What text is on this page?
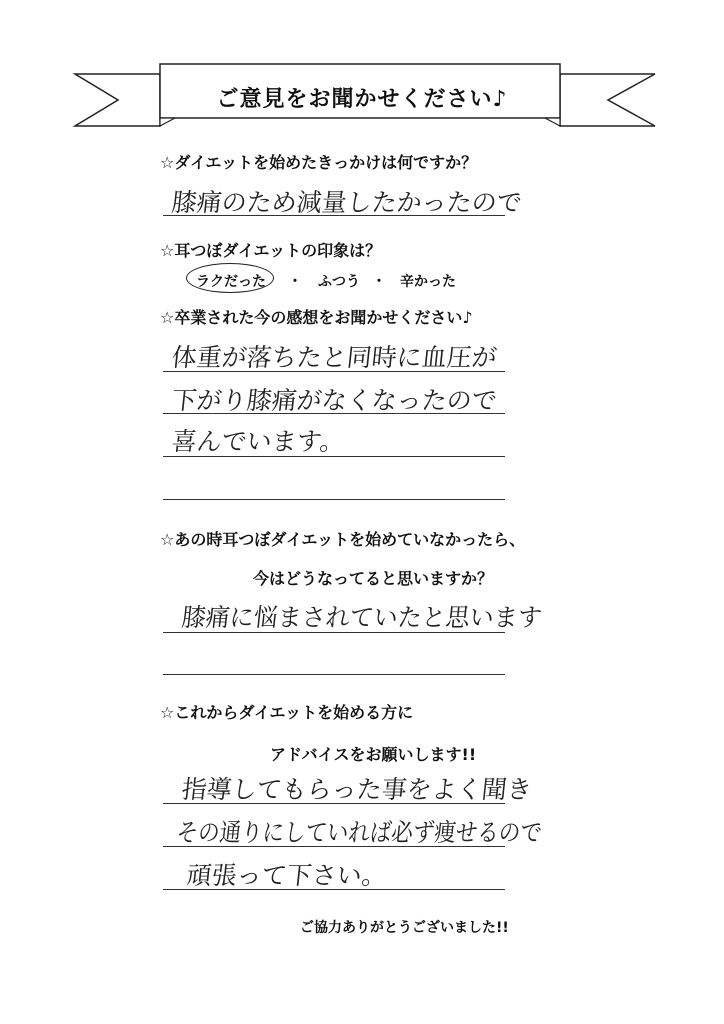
ご意見をお聞かせください♪
☆ダイエットを始めたきっかけは何ですか？
膝痛のため減量したかったので
☆耳つぼダイエットの印象は？
ラクだった ・ ふつう ・ 辛かった
☆卒業された今の感想をお聞かせください♪
体重が落ちたと同時に血圧が
下がり膝痛がなくなったので
喜んでいます。
☆あの時耳つぼダイエットを始めていなかったら、
今はどうなってると思いますか？
膝痛に悩まされていたと思います
☆これからダイエットを始める方に
アドバイスをお願いします!!
指導してもらった事をよく聞き
その通りにしていれば必ず痩せるので
頑張って下さい。
ご協力ありがとうございました!!
